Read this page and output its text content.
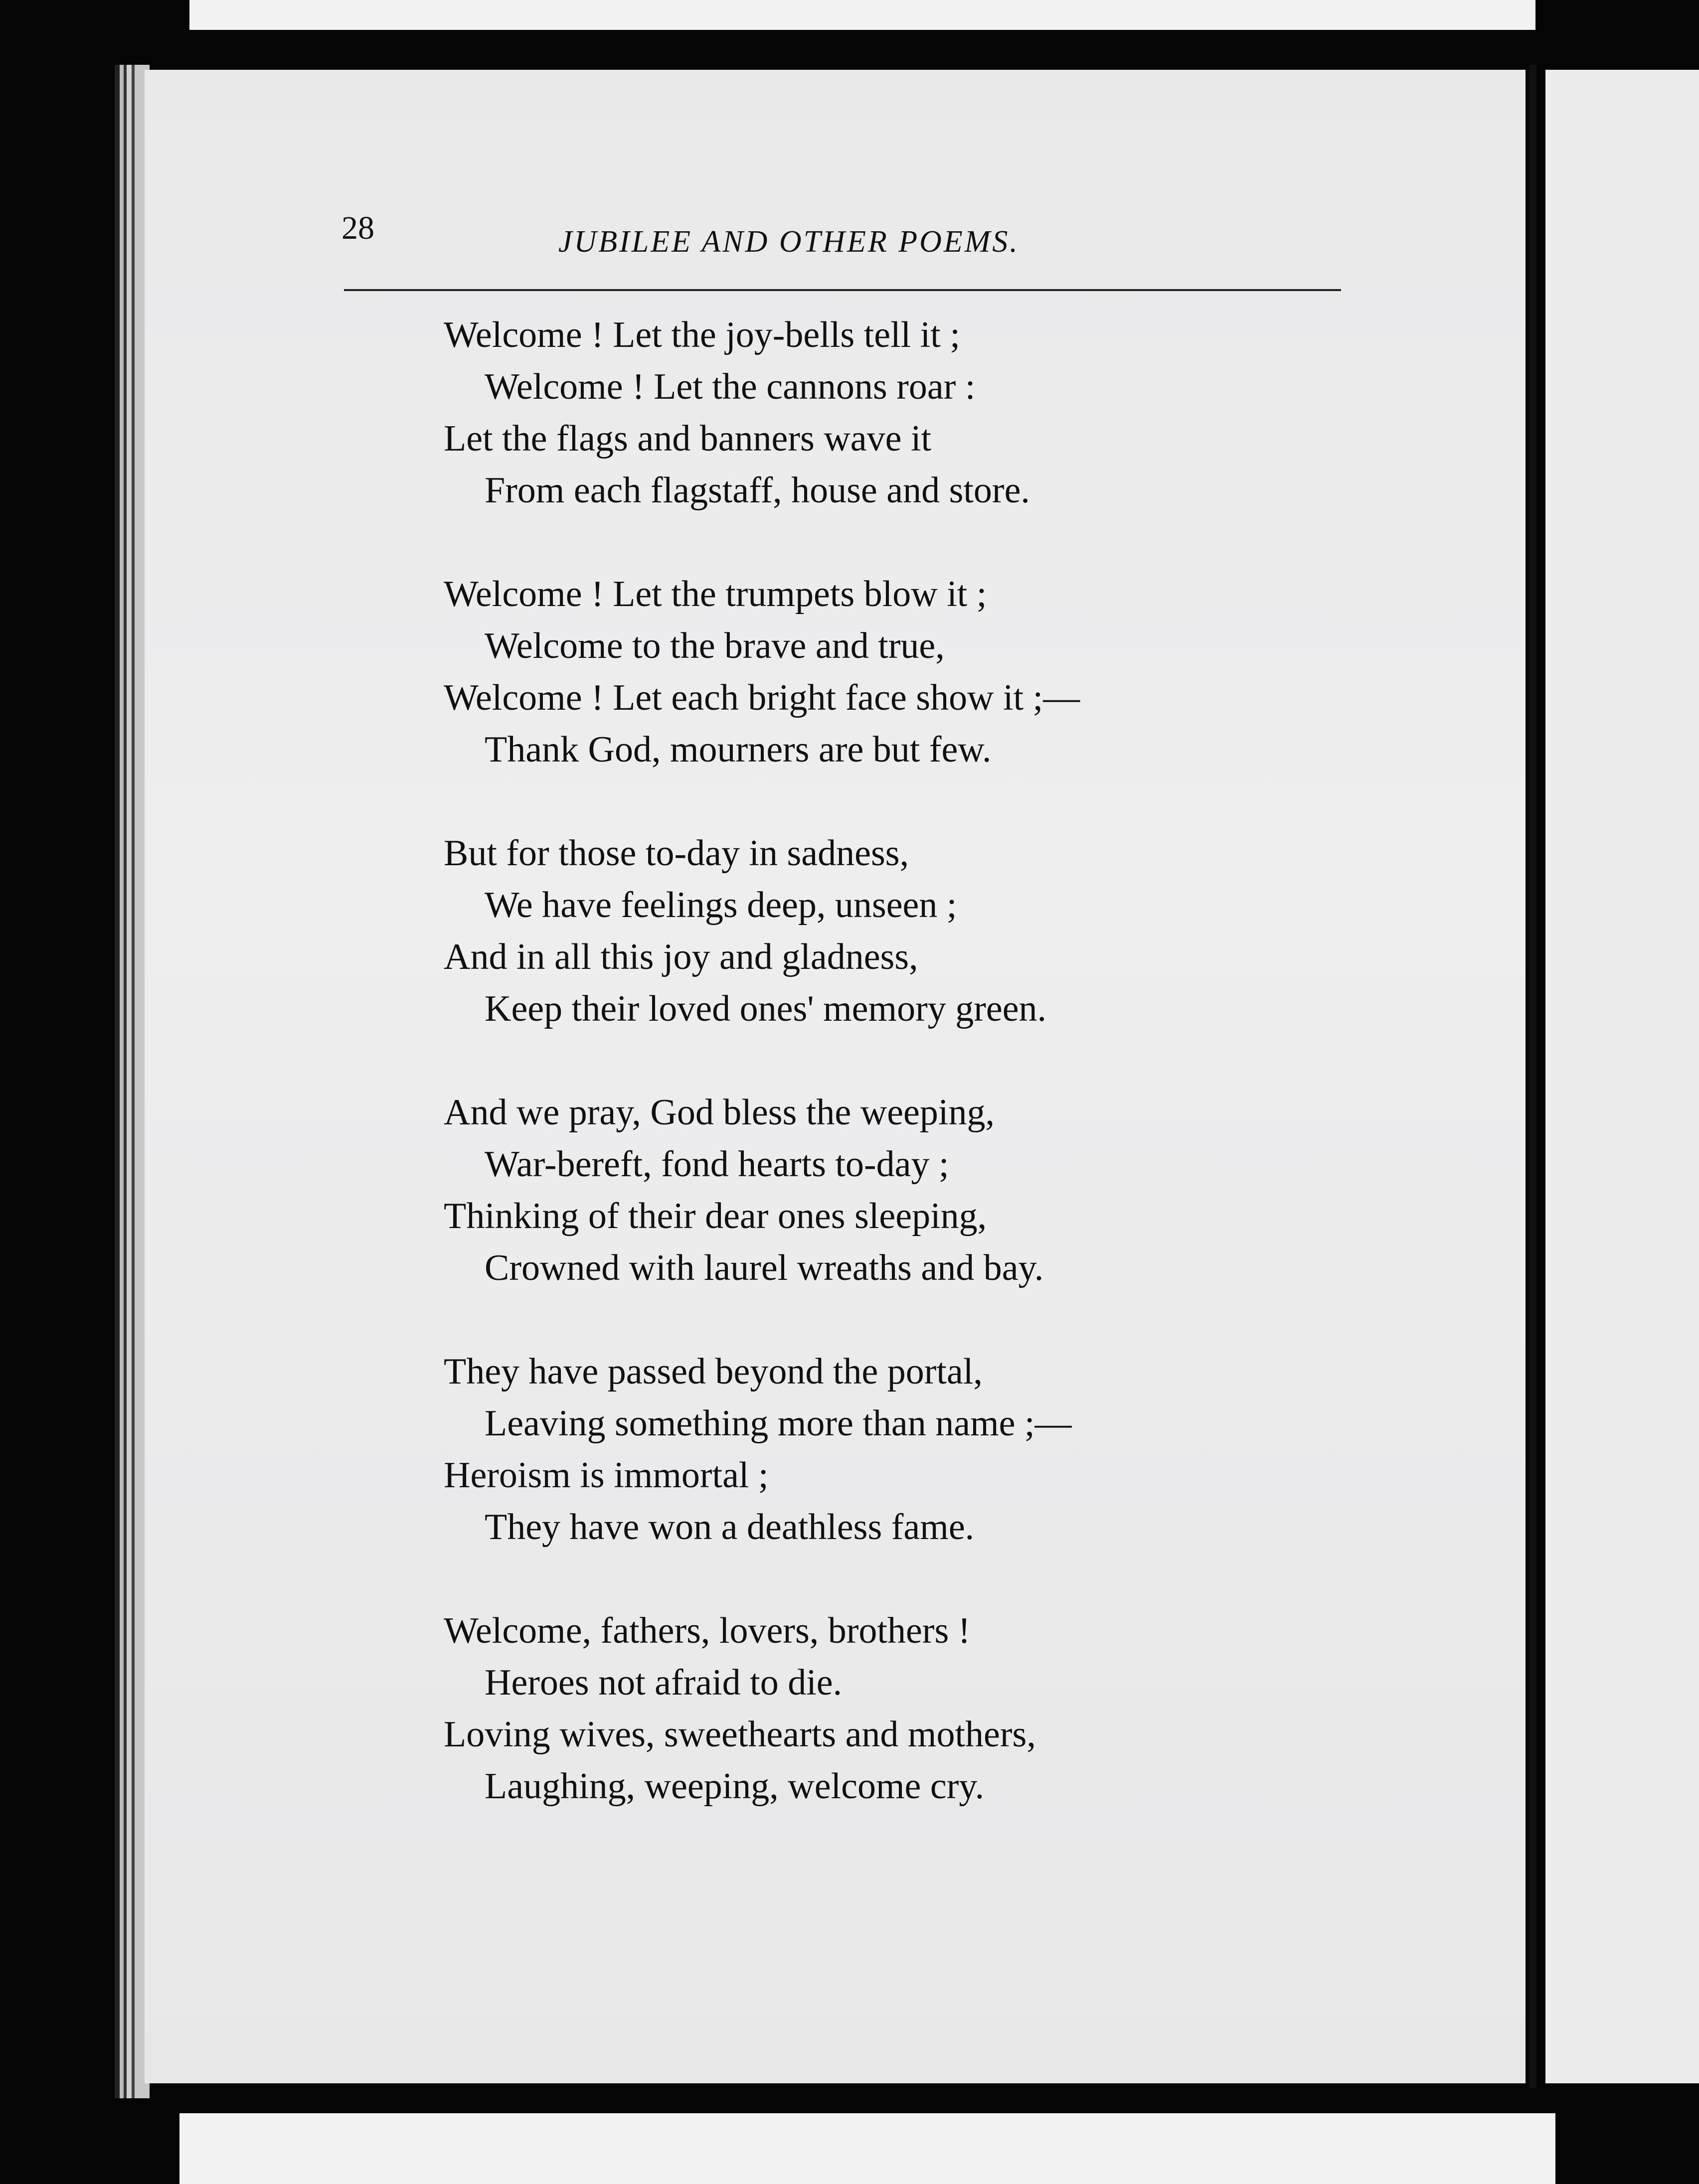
28	JUBILEE AND OTHER POEMS.
Welcome ! Let the joy-bells tell it ;
Welcome ! Let the cannons roar :
Let the flags and banners wave it
From each flagstaff, house and store.
Welcome ! Let the trumpets blow it ;
Welcome to the brave and true,
Welcome ! Let each bright face show it ;—
Thank God, mourners are but few.
But for those to-day in sadness,
We have feelings deep, unseen ;
And in all this joy and gladness,
Keep their loved ones' memory green.
And we pray, God bless the weeping,
War-bereft, fond hearts to-day ;
Thinking of their dear ones sleeping,
Crowned with laurel wreaths and bay.
They have passed beyond the portal,
Leaving something more than name ;—
Heroism is immortal ;
They have won a deathless fame.
Welcome, fathers, lovers, brothers !
Heroes not afraid to die.
Loving wives, sweethearts and mothers,
Laughing, weeping, welcome cry.
